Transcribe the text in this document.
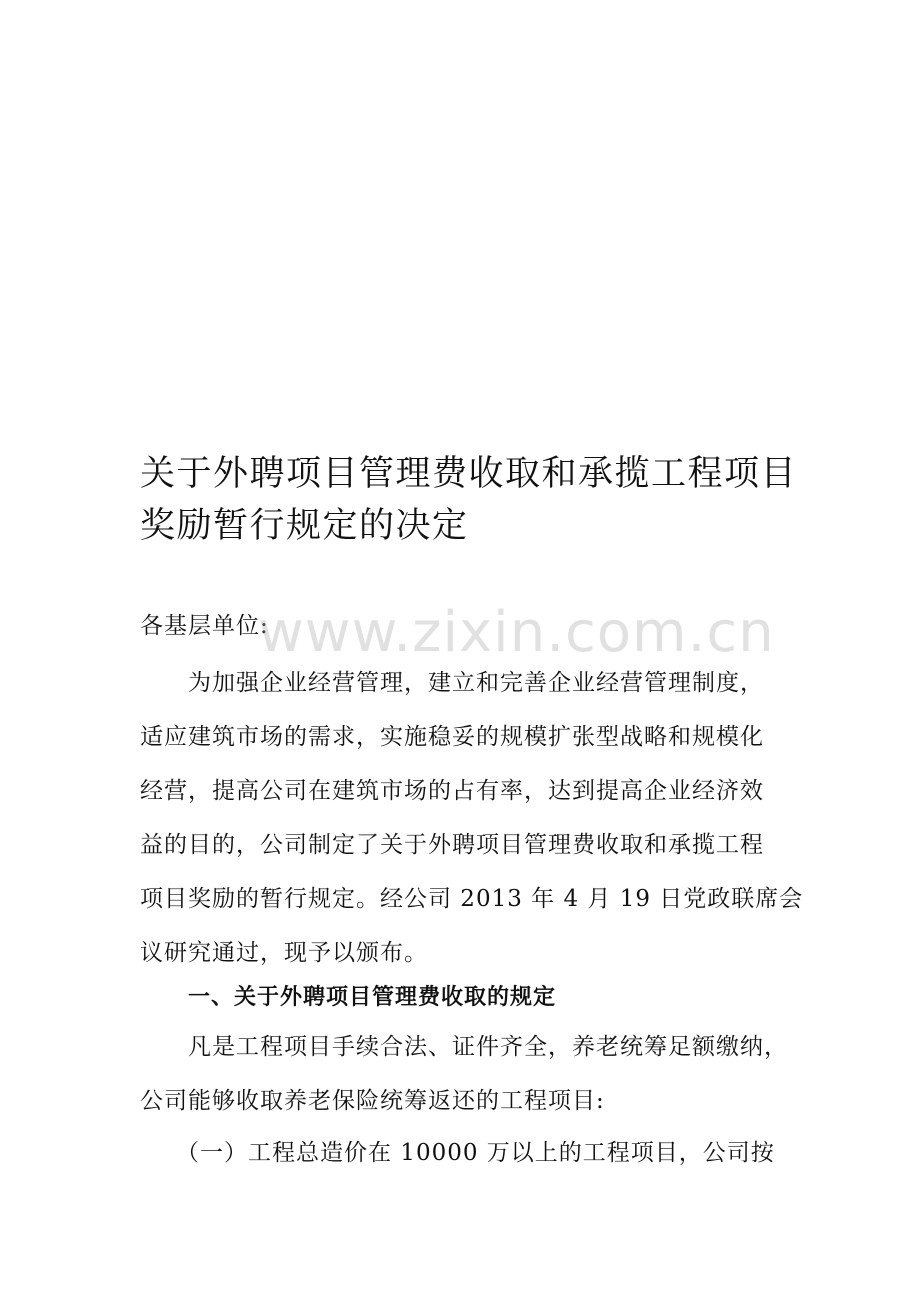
关于外聘项目管理费收取和承揽工程项目
奖励暂行规定的决定
各基层单位:
为加强企业经营管理，建立和完善企业经营管理制度，
适应建筑市场的需求，实施稳妥的规模扩张型战略和规模化
经营，提高公司在建筑市场的占有率，达到提高企业经济效
益的目的，公司制定了关于外聘项目管理费收取和承揽工程
项目奖励的暂行规定。经公司 2013 年 4 月 19 日党政联席会
议研究通过，现予以颁布。
一、关于外聘项目管理费收取的规定
凡是工程项目手续合法、证件齐全，养老统筹足额缴纳，
公司能够收取养老保险统筹返还的工程项目:
（一）工程总造价在 10000 万以上的工程项目，公司按
www.zixin.com.cn
